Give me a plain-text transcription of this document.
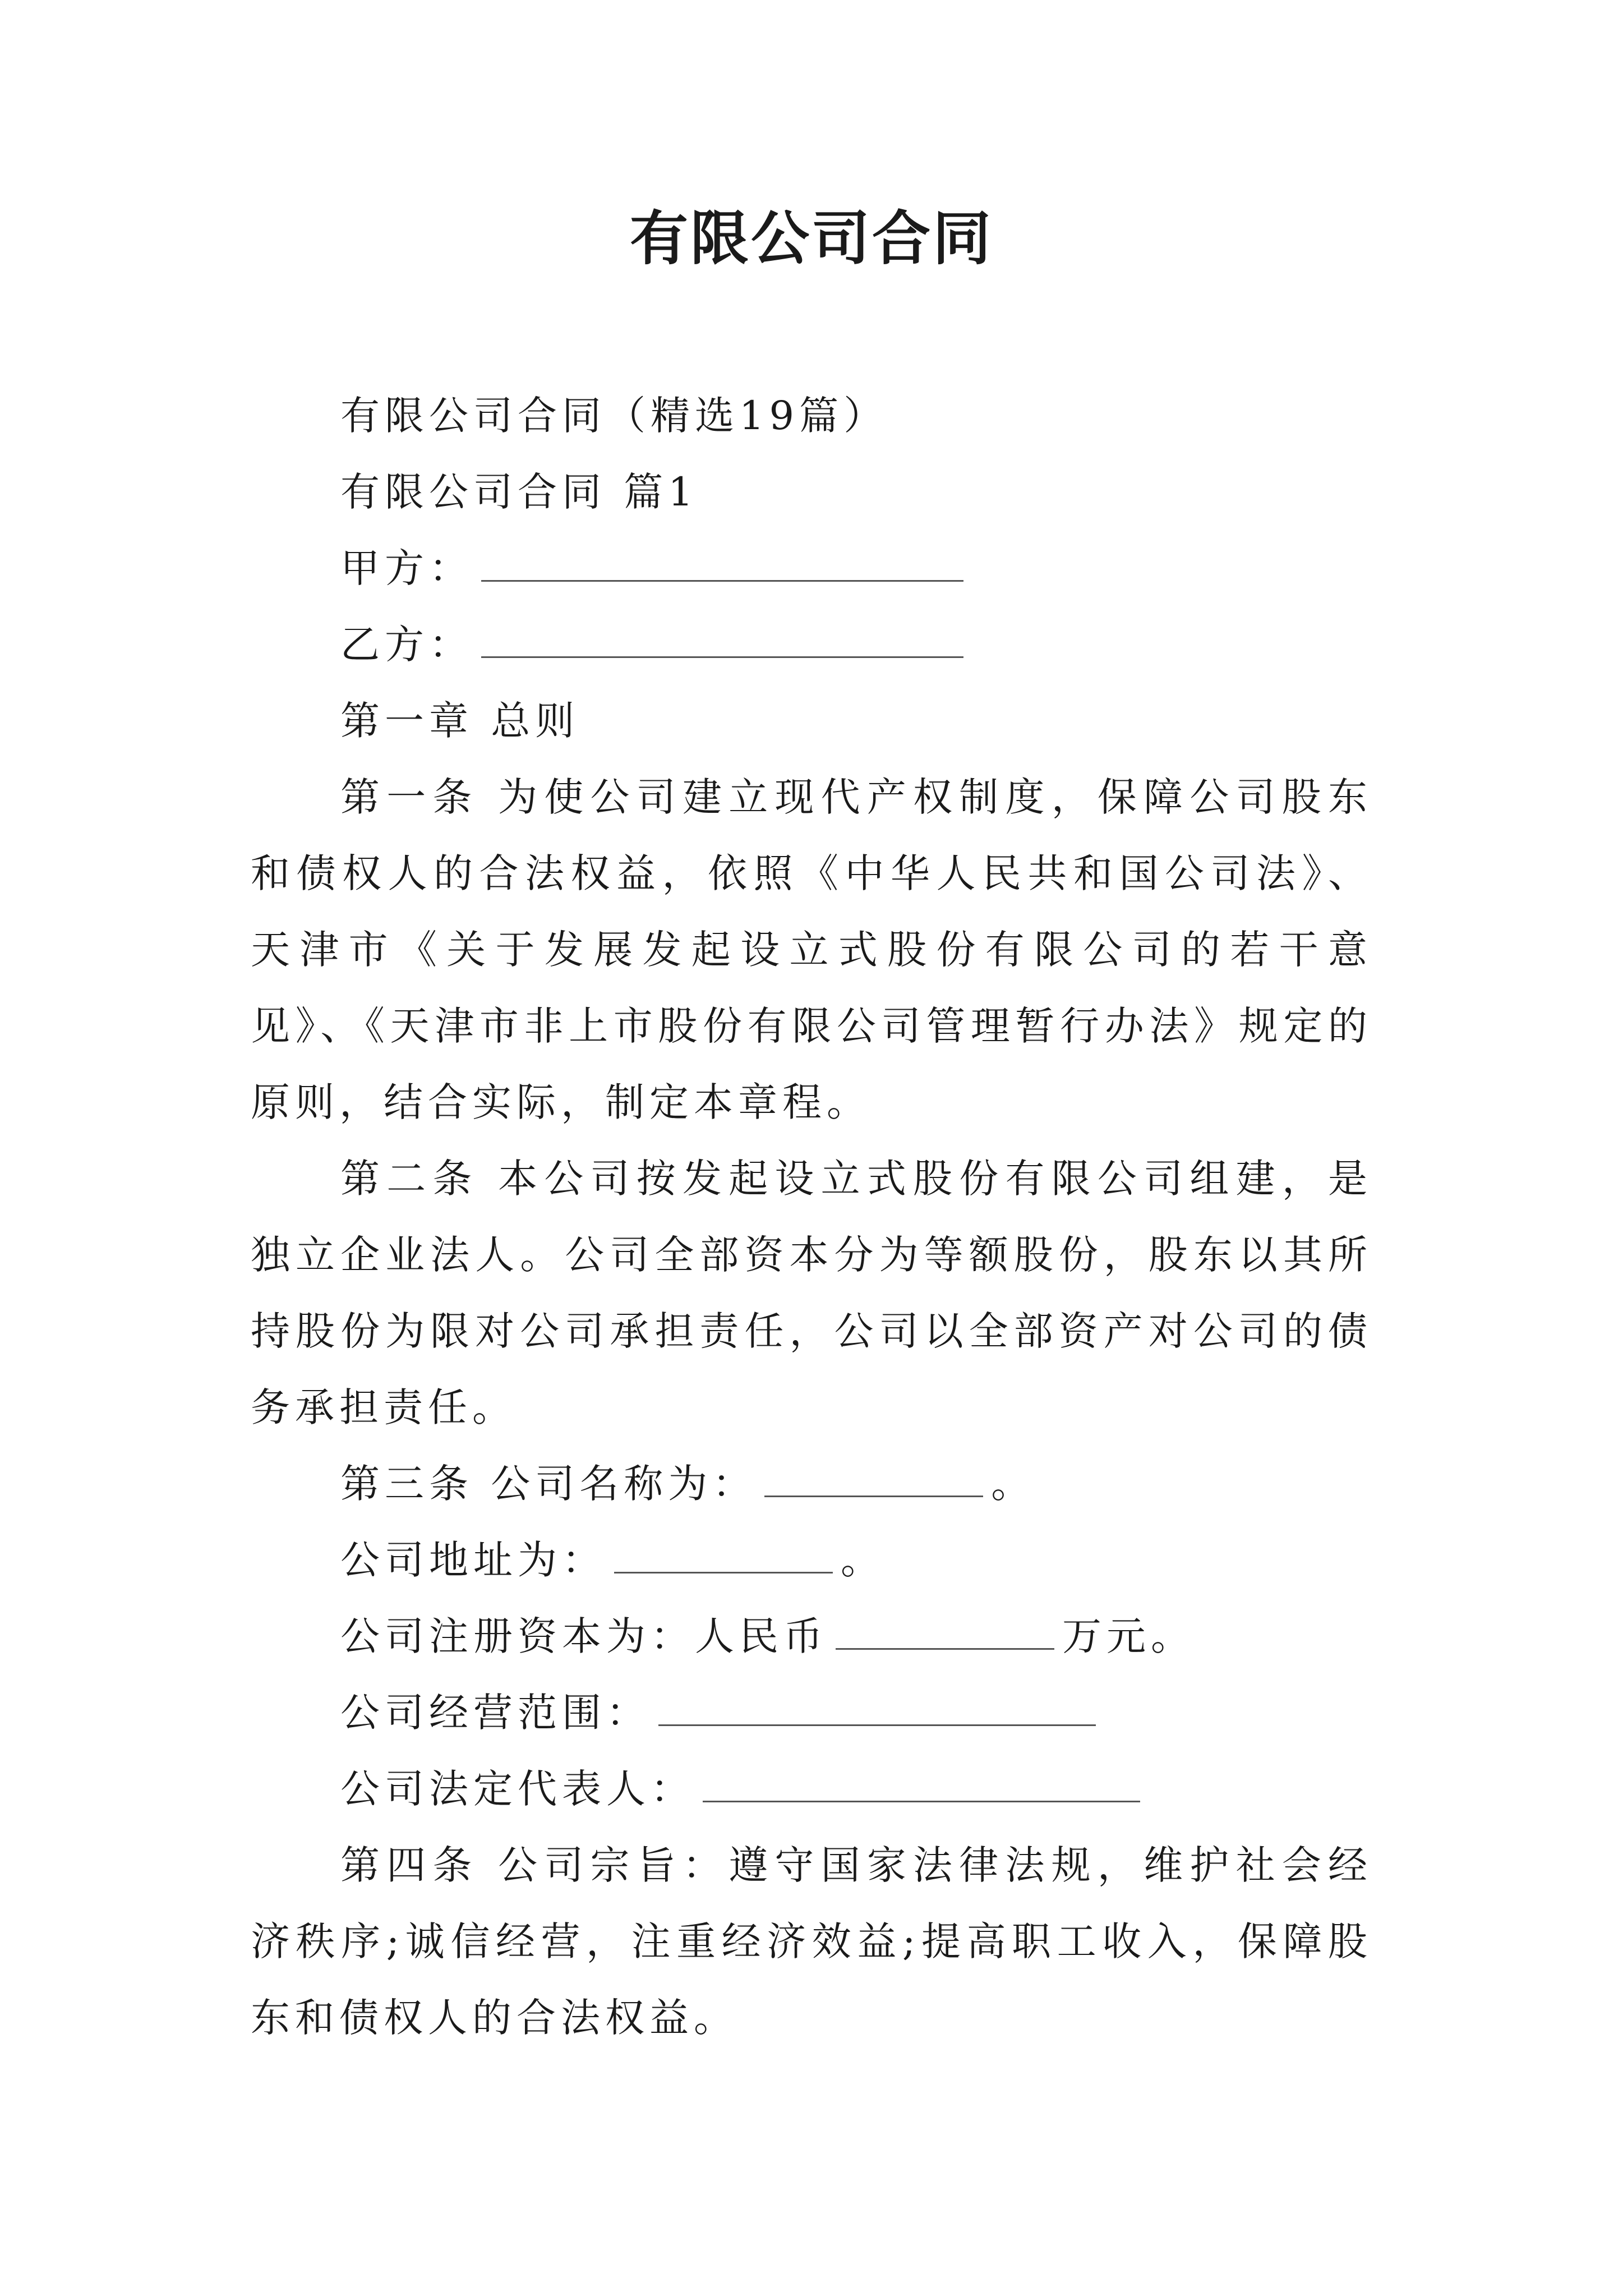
有限公司合同

有限公司合同（精选19篇）

有限公司合同 篇1

甲方：

乙方：

第一章 总则

第一条 为使公司建立现代产权制度，保障公司股东和债权人的合法权益，依照《中华人民共和国公司法》、天津市《关于发展发起设立式股份有限公司的若干意见》、《天津市非上市股份有限公司管理暂行办法》规定的原则，结合实际，制定本章程。

第二条 本公司按发起设立式股份有限公司组建，是独立企业法人。公司全部资本分为等额股份，股东以其所持股份为限对公司承担责任，公司以全部资产对公司的债务承担责任。

第三条 公司名称为：	。

公司地址为：	。

公司注册资本为：人民币	万元。

公司经营范围：

公司法定代表人：

第四条 公司宗旨：遵守国家法律法规，维护社会经济秩序;诚信经营，注重经济效益;提高职工收入，保障股东和债权人的合法权益。
